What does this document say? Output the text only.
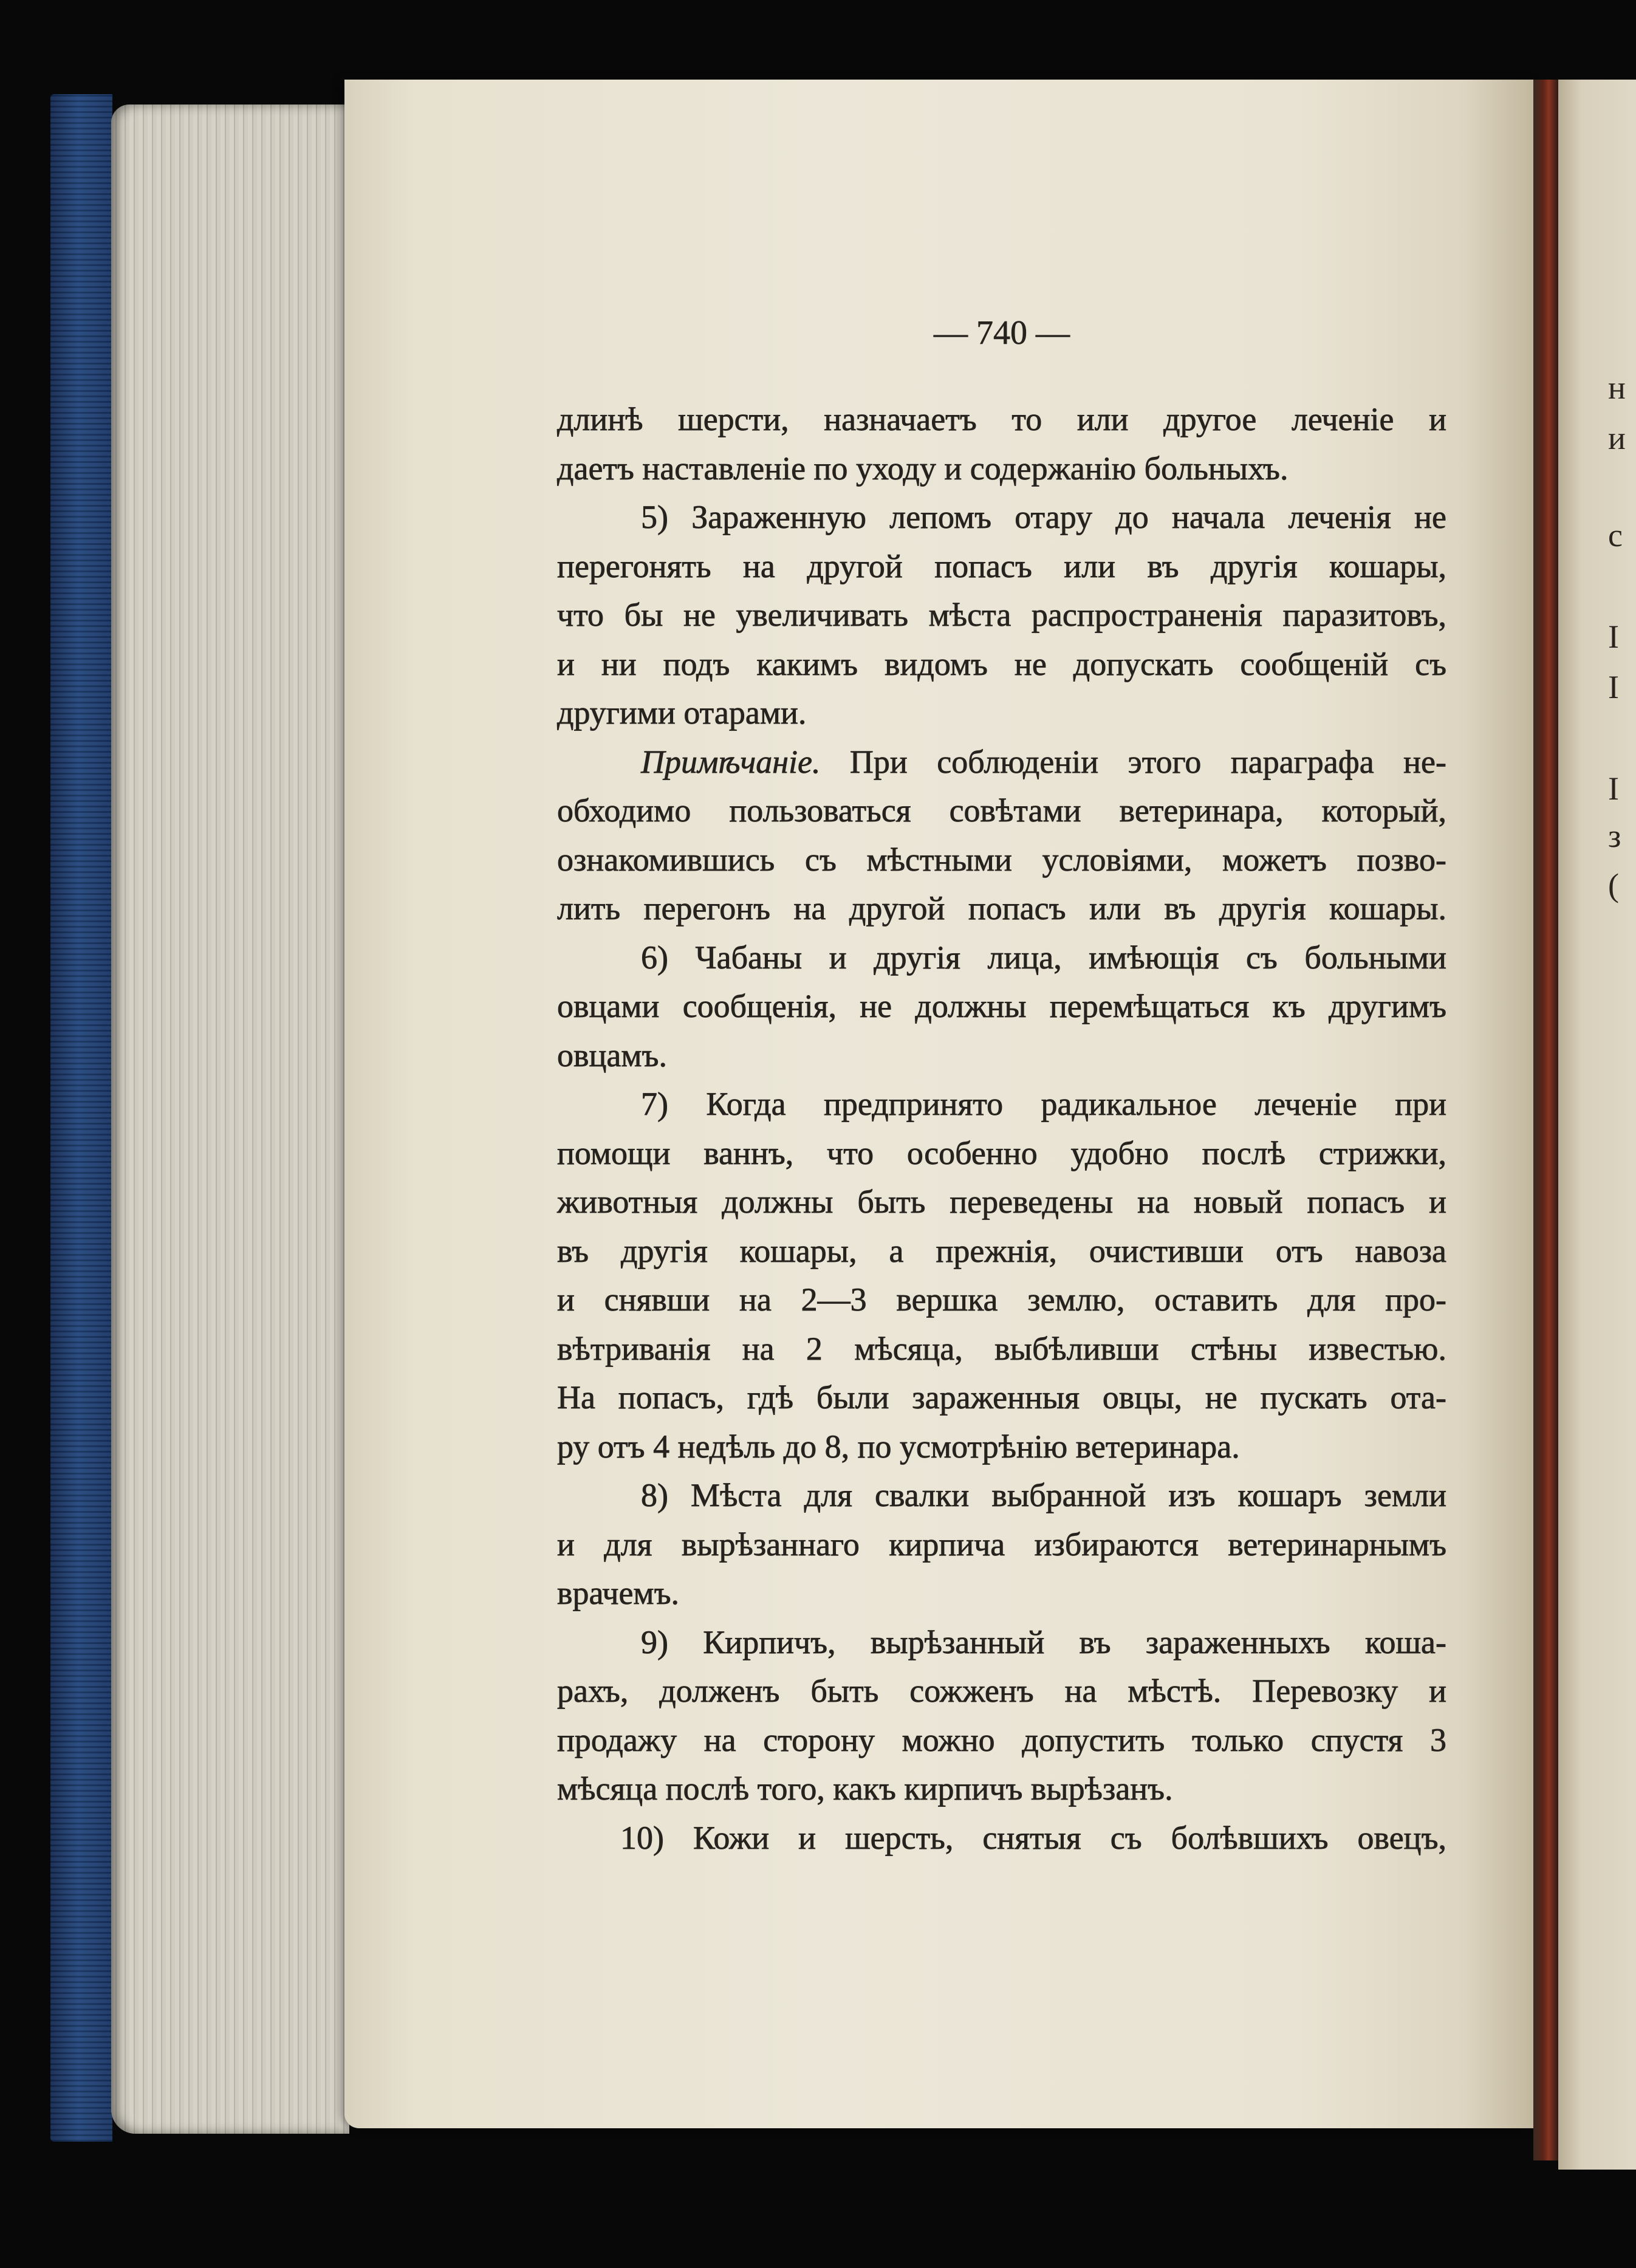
— 740 —
длинѣ шерсти, назначаетъ то или другое леченіе и
даетъ наставленіе по уходу и содержанію больныхъ.
5) Зараженную лепомъ отару до начала леченія не
перегонять на другой попасъ или въ другія кошары,
что бы не увеличивать мѣста распространенія паразитовъ,
и ни подъ какимъ видомъ не допускать сообщеній съ
другими отарами.
Примѣчаніе. При соблюденіи этого параграфа не-
обходимо пользоваться совѣтами ветеринара, который,
ознакомившись съ мѣстными условіями, можетъ позво-
лить перегонъ на другой попасъ или въ другія кошары.
6) Чабаны и другія лица, имѣющія съ больными
овцами сообщенія, не должны перемѣщаться къ другимъ
овцамъ.
7) Когда предпринято радикальное леченіе при
помощи ваннъ, что особенно удобно послѣ стрижки,
животныя должны быть переведены на новый попасъ и
въ другія кошары, а прежнія, очистивши отъ навоза
и снявши на 2—3 вершка землю, оставить для про-
вѣтриванія на 2 мѣсяца, выбѣливши стѣны известью.
На попасъ, гдѣ были зараженныя овцы, не пускать ота-
ру отъ 4 недѣль до 8, по усмотрѣнію ветеринара.
8) Мѣста для свалки выбранной изъ кошаръ земли
и для вырѣзаннаго кирпича избираются ветеринарнымъ
врачемъ.
9) Кирпичъ, вырѣзанный въ зараженныхъ коша-
рахъ, долженъ быть сожженъ на мѣстѣ. Перевозку и
продажу на сторону можно допустить только спустя 3
мѣсяца послѣ того, какъ кирпичъ вырѣзанъ.
10) Кожи и шерсть, снятыя съ болѣвшихъ овецъ,
н
и
с
I
I
I
з
(
